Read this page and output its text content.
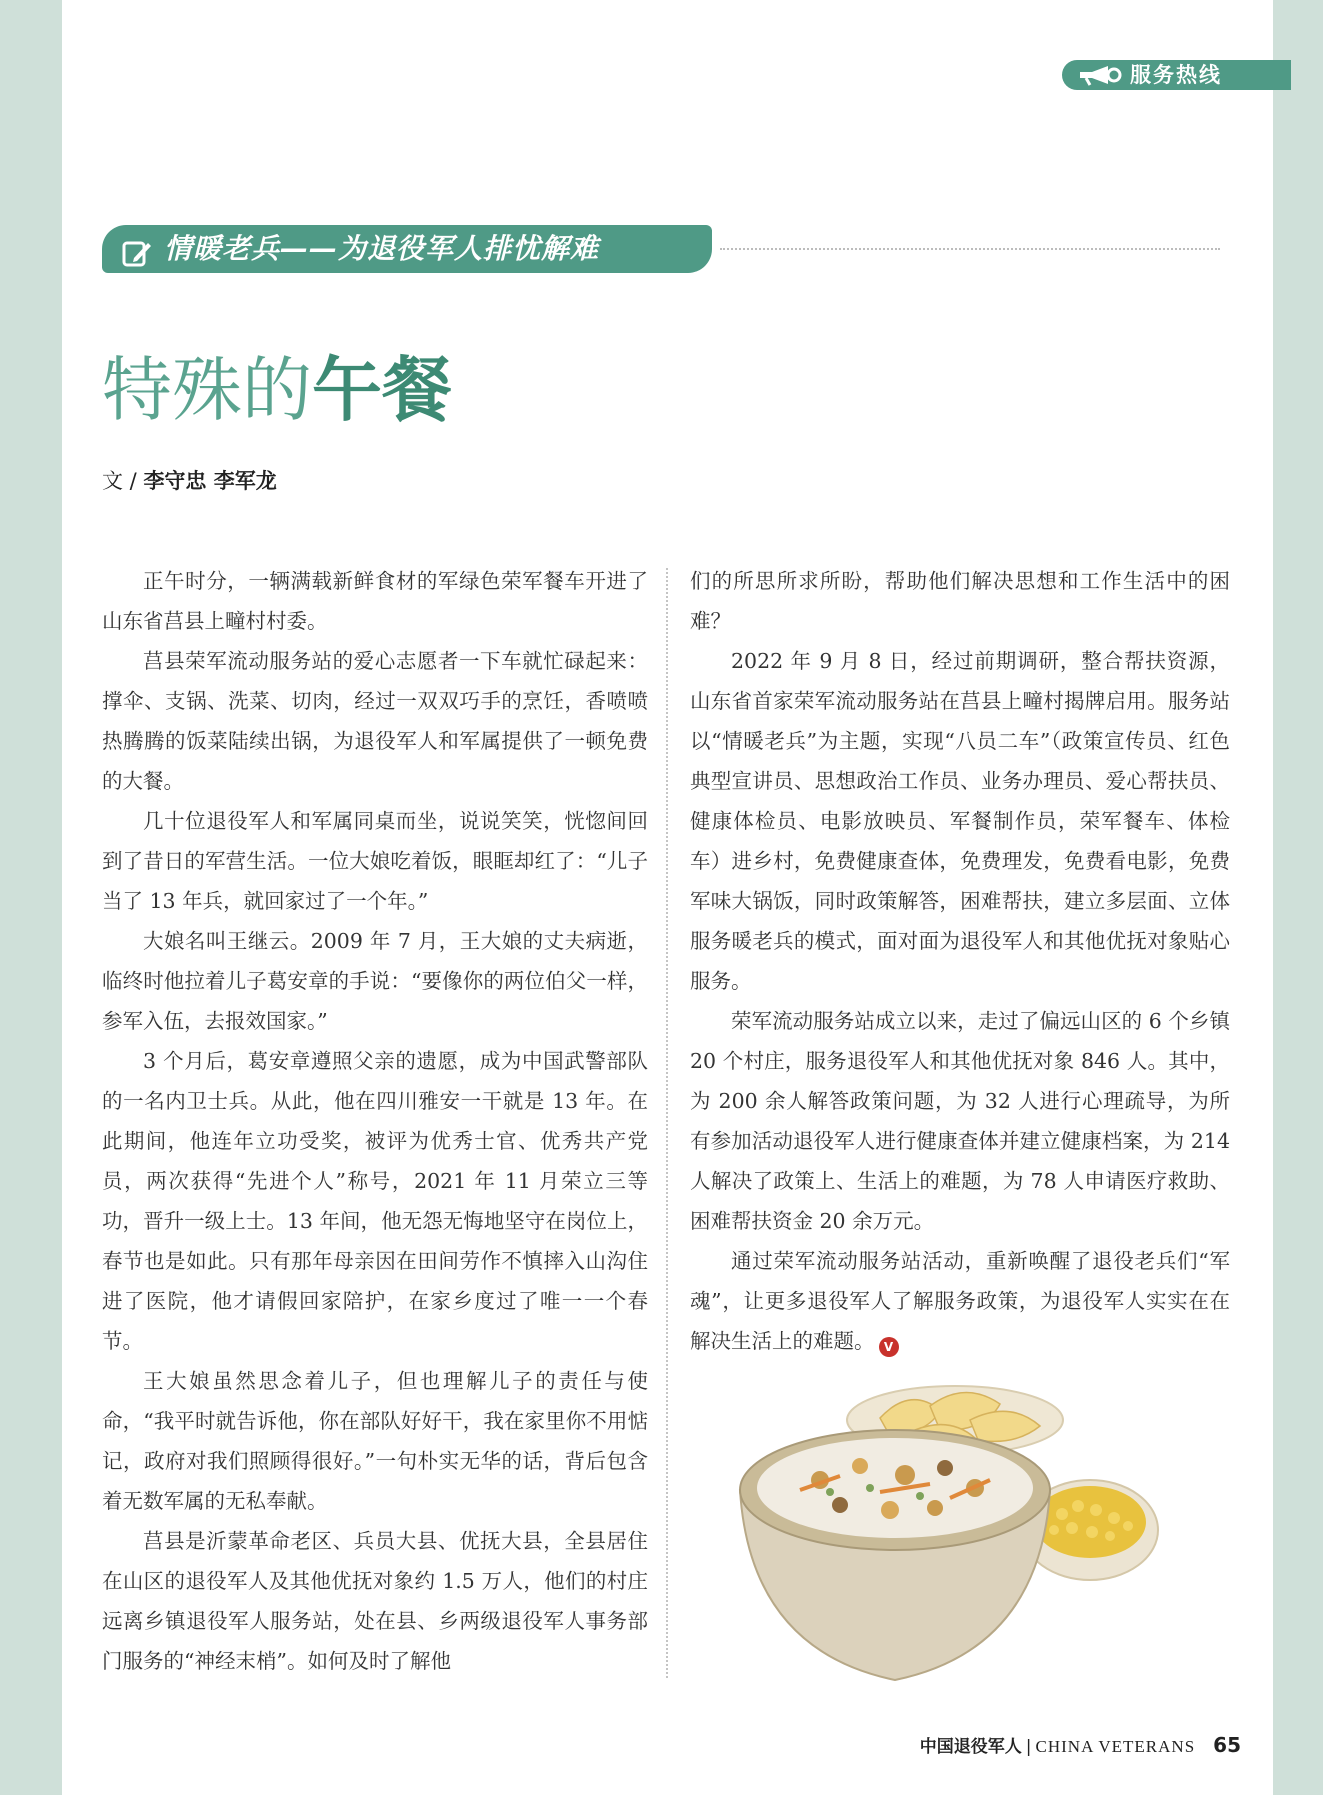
服务热线
情暖老兵——为退役军人排忧解难
特殊的午餐
文 / 李守忠 李军龙

正午时分，一辆满载新鲜食材的军绿色荣军餐车开进了山东省莒县上疃村村委。

莒县荣军流动服务站的爱心志愿者一下车就忙碌起来：撑伞、支锅、洗菜、切肉，经过一双双巧手的烹饪，香喷喷热腾腾的饭菜陆续出锅，为退役军人和军属提供了一顿免费的大餐。

几十位退役军人和军属同桌而坐，说说笑笑，恍惚间回到了昔日的军营生活。一位大娘吃着饭，眼眶却红了：“儿子当了 13 年兵，就回家过了一个年。”

大娘名叫王继云。2009 年 7 月，王大娘的丈夫病逝，临终时他拉着儿子葛安章的手说：“要像你的两位伯父一样，参军入伍，去报效国家。”

3 个月后，葛安章遵照父亲的遗愿，成为中国武警部队的一名内卫士兵。从此，他在四川雅安一干就是 13 年。在此期间，他连年立功受奖，被评为优秀士官、优秀共产党员，两次获得“先进个人”称号，2021 年 11 月荣立三等功，晋升一级上士。13 年间，他无怨无悔地坚守在岗位上，春节也是如此。只有那年母亲因在田间劳作不慎摔入山沟住进了医院，他才请假回家陪护，在家乡度过了唯一一个春节。

王大娘虽然思念着儿子，但也理解儿子的责任与使命，“我平时就告诉他，你在部队好好干，我在家里你不用惦记，政府对我们照顾得很好。”一句朴实无华的话，背后包含着无数军属的无私奉献。

莒县是沂蒙革命老区、兵员大县、优抚大县，全县居住在山区的退役军人及其他优抚对象约 1.5 万人，他们的村庄远离乡镇退役军人服务站，处在县、乡两级退役军人事务部门服务的“神经末梢”。如何及时了解他

们的所思所求所盼，帮助他们解决思想和工作生活中的困难？

2022 年 9 月 8 日，经过前期调研，整合帮扶资源，山东省首家荣军流动服务站在莒县上疃村揭牌启用。服务站以“情暖老兵”为主题，实现“八员二车”（政策宣传员、红色典型宣讲员、思想政治工作员、业务办理员、爱心帮扶员、健康体检员、电影放映员、军餐制作员，荣军餐车、体检车）进乡村，免费健康查体，免费理发，免费看电影，免费军味大锅饭，同时政策解答，困难帮扶，建立多层面、立体服务暖老兵的模式，面对面为退役军人和其他优抚对象贴心服务。

荣军流动服务站成立以来，走过了偏远山区的 6 个乡镇 20 个村庄，服务退役军人和其他优抚对象 846 人。其中，为 200 余人解答政策问题，为 32 人进行心理疏导，为所有参加活动退役军人进行健康查体并建立健康档案，为 214 人解决了政策上、生活上的难题，为 78 人申请医疗救助、困难帮扶资金 20 余万元。

通过荣军流动服务站活动，重新唤醒了退役老兵们“军魂”，让更多退役军人了解服务政策，为退役军人实实在在解决生活上的难题。 V

中国退役军人 | CHINA VETERANS 65
